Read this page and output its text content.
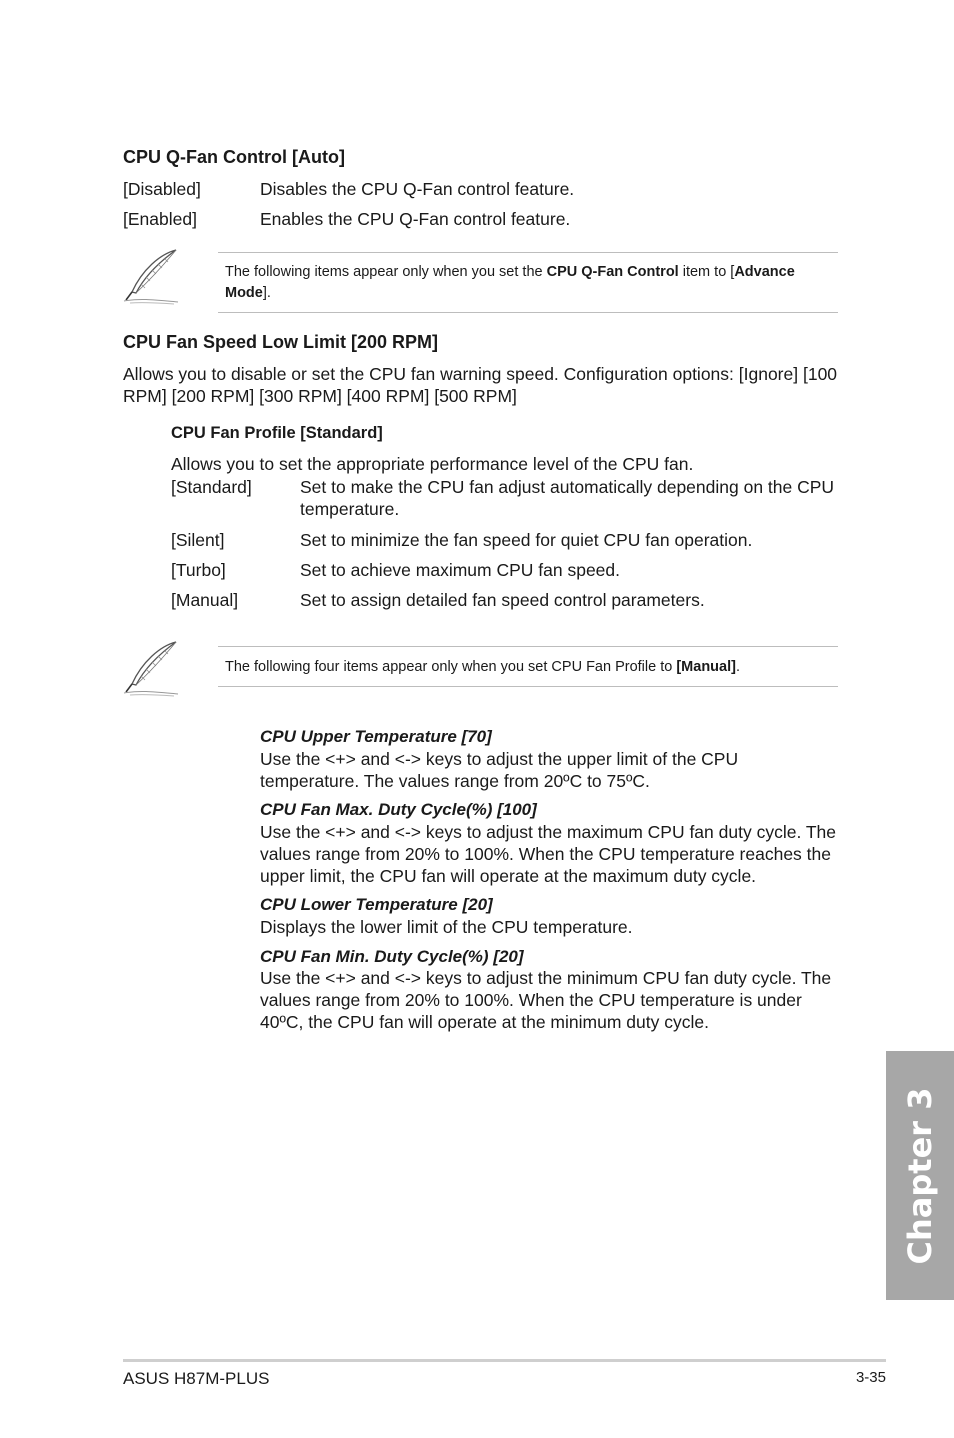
CPU Q-Fan Control [Auto]
[Disabled]	Disables the CPU Q-Fan control feature.
[Enabled]	Enables the CPU Q-Fan control feature.
The following items appear only when you set the CPU Q-Fan Control item to [Advance Mode].
CPU Fan Speed Low Limit [200 RPM]
Allows you to disable or set the CPU fan warning speed. Configuration options: [Ignore] [100 RPM] [200 RPM] [300 RPM] [400 RPM] [500 RPM]
CPU Fan Profile [Standard]
Allows you to set the appropriate performance level of the CPU fan.
[Standard]	Set to make the CPU fan adjust automatically depending on the CPU temperature.
[Silent]	Set to minimize the fan speed for quiet CPU fan operation.
[Turbo]	Set to achieve maximum CPU fan speed.
[Manual]	Set to assign detailed fan speed control parameters.
The following four items appear only when you set CPU Fan Profile to [Manual].
CPU Upper Temperature [70]
Use the <+> and <-> keys to adjust the upper limit of the CPU temperature. The values range from 20ºC to 75ºC.
CPU Fan Max. Duty Cycle(%) [100]
Use the <+> and <-> keys to adjust the maximum CPU fan duty cycle. The values range from 20% to 100%. When the CPU temperature reaches the upper limit, the CPU fan will operate at the maximum duty cycle.
CPU Lower Temperature [20]
Displays the lower limit of the CPU temperature.
CPU Fan Min. Duty Cycle(%) [20]
Use the <+> and <-> keys to adjust the minimum CPU fan duty cycle. The values range from 20% to 100%. When the CPU temperature is under 40ºC, the CPU fan will operate at the minimum duty cycle.
Chapter 3
ASUS H87M-PLUS	3-35
